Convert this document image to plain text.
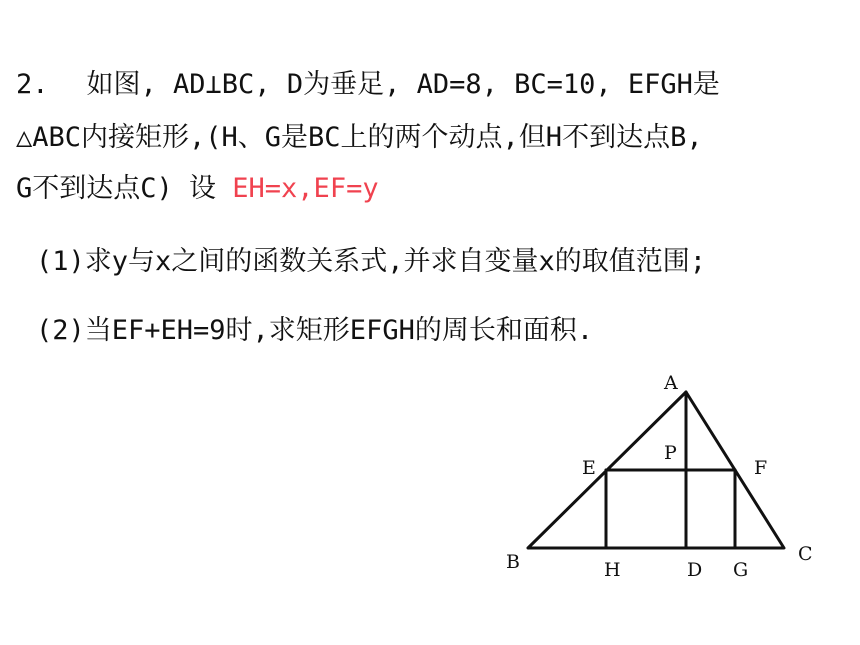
2. 如图, AD⊥BC, D为垂足, AD=8, BC=10, EFGH是
△ABC内接矩形,(H、G是BC上的两个动点,但H不到达点B,
G不到达点C) 设 EH=x,EF=y
(1)求y与x之间的函数关系式,并求自变量x的取值范围;
(2)当EF+EH=9时,求矩形EFGH的周长和面积.
A
B	C
D
E	F
G
H
P
